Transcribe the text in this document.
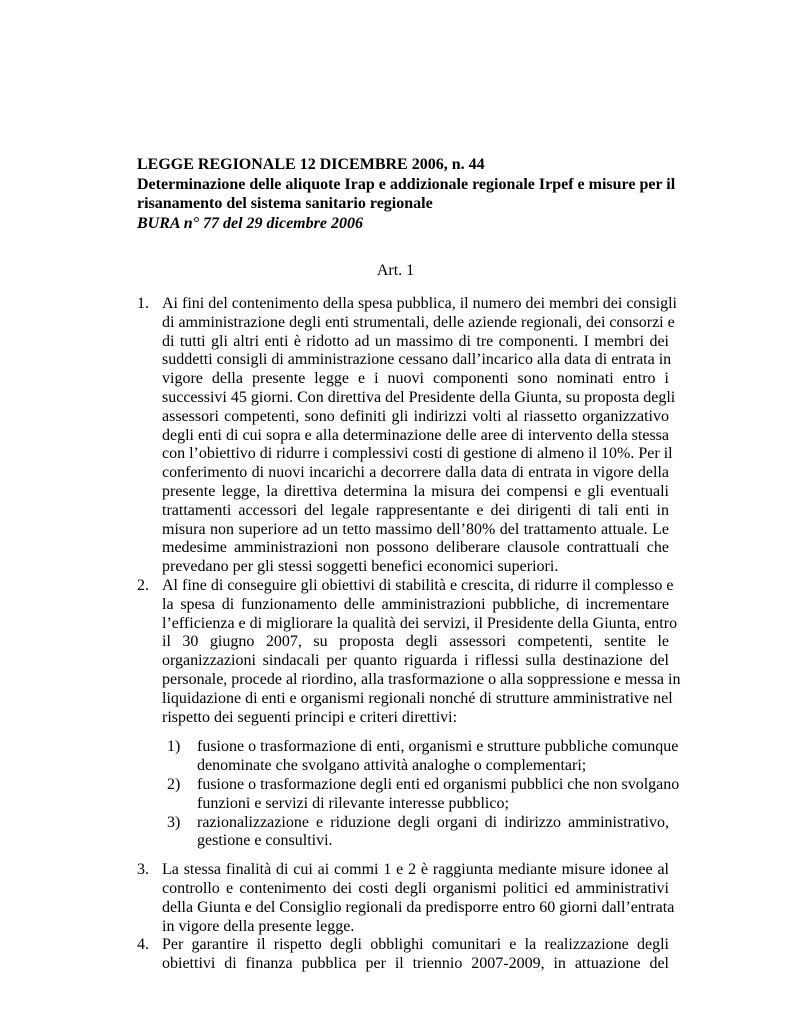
LEGGE REGIONALE 12 DICEMBRE 2006, n. 44
Determinazione delle aliquote Irap e addizionale regionale Irpef e misure per il
risanamento del sistema sanitario regionale
BURA n° 77 del 29 dicembre 2006
Art. 1
1. Ai fini del contenimento della spesa pubblica, il numero dei membri dei consigli
di amministrazione degli enti strumentali, delle aziende regionali, dei consorzi e
di tutti gli altri enti è ridotto ad un massimo di tre componenti. I membri dei
suddetti consigli di amministrazione cessano dall’incarico alla data di entrata in
vigore della presente legge e i nuovi componenti sono nominati entro i
successivi 45 giorni. Con direttiva del Presidente della Giunta, su proposta degli
assessori competenti, sono definiti gli indirizzi volti al riassetto organizzativo
degli enti di cui sopra e alla determinazione delle aree di intervento della stessa
con l’obiettivo di ridurre i complessivi costi di gestione di almeno il 10%. Per il
conferimento di nuovi incarichi a decorrere dalla data di entrata in vigore della
presente legge, la direttiva determina la misura dei compensi e gli eventuali
trattamenti accessori del legale rappresentante e dei dirigenti di tali enti in
misura non superiore ad un tetto massimo dell’80% del trattamento attuale. Le
medesime amministrazioni non possono deliberare clausole contrattuali che
prevedano per gli stessi soggetti benefici economici superiori.
2. Al fine di conseguire gli obiettivi di stabilità e crescita, di ridurre il complesso e
la spesa di funzionamento delle amministrazioni pubbliche, di incrementare
l’efficienza e di migliorare la qualità dei servizi, il Presidente della Giunta, entro
il 30 giugno 2007, su proposta degli assessori competenti, sentite le
organizzazioni sindacali per quanto riguarda i riflessi sulla destinazione del
personale, procede al riordino, alla trasformazione o alla soppressione e messa in
liquidazione di enti e organismi regionali nonché di strutture amministrative nel
rispetto dei seguenti principi e criteri direttivi:
1) fusione o trasformazione di enti, organismi e strutture pubbliche comunque
denominate che svolgano attività analoghe o complementari;
2) fusione o trasformazione degli enti ed organismi pubblici che non svolgano
funzioni e servizi di rilevante interesse pubblico;
3) razionalizzazione e riduzione degli organi di indirizzo amministrativo,
gestione e consultivi.
3. La stessa finalità di cui ai commi 1 e 2 è raggiunta mediante misure idonee al
controllo e contenimento dei costi degli organismi politici ed amministrativi
della Giunta e del Consiglio regionali da predisporre entro 60 giorni dall’entrata
in vigore della presente legge.
4. Per garantire il rispetto degli obblighi comunitari e la realizzazione degli
obiettivi di finanza pubblica per il triennio 2007-2009, in attuazione del
